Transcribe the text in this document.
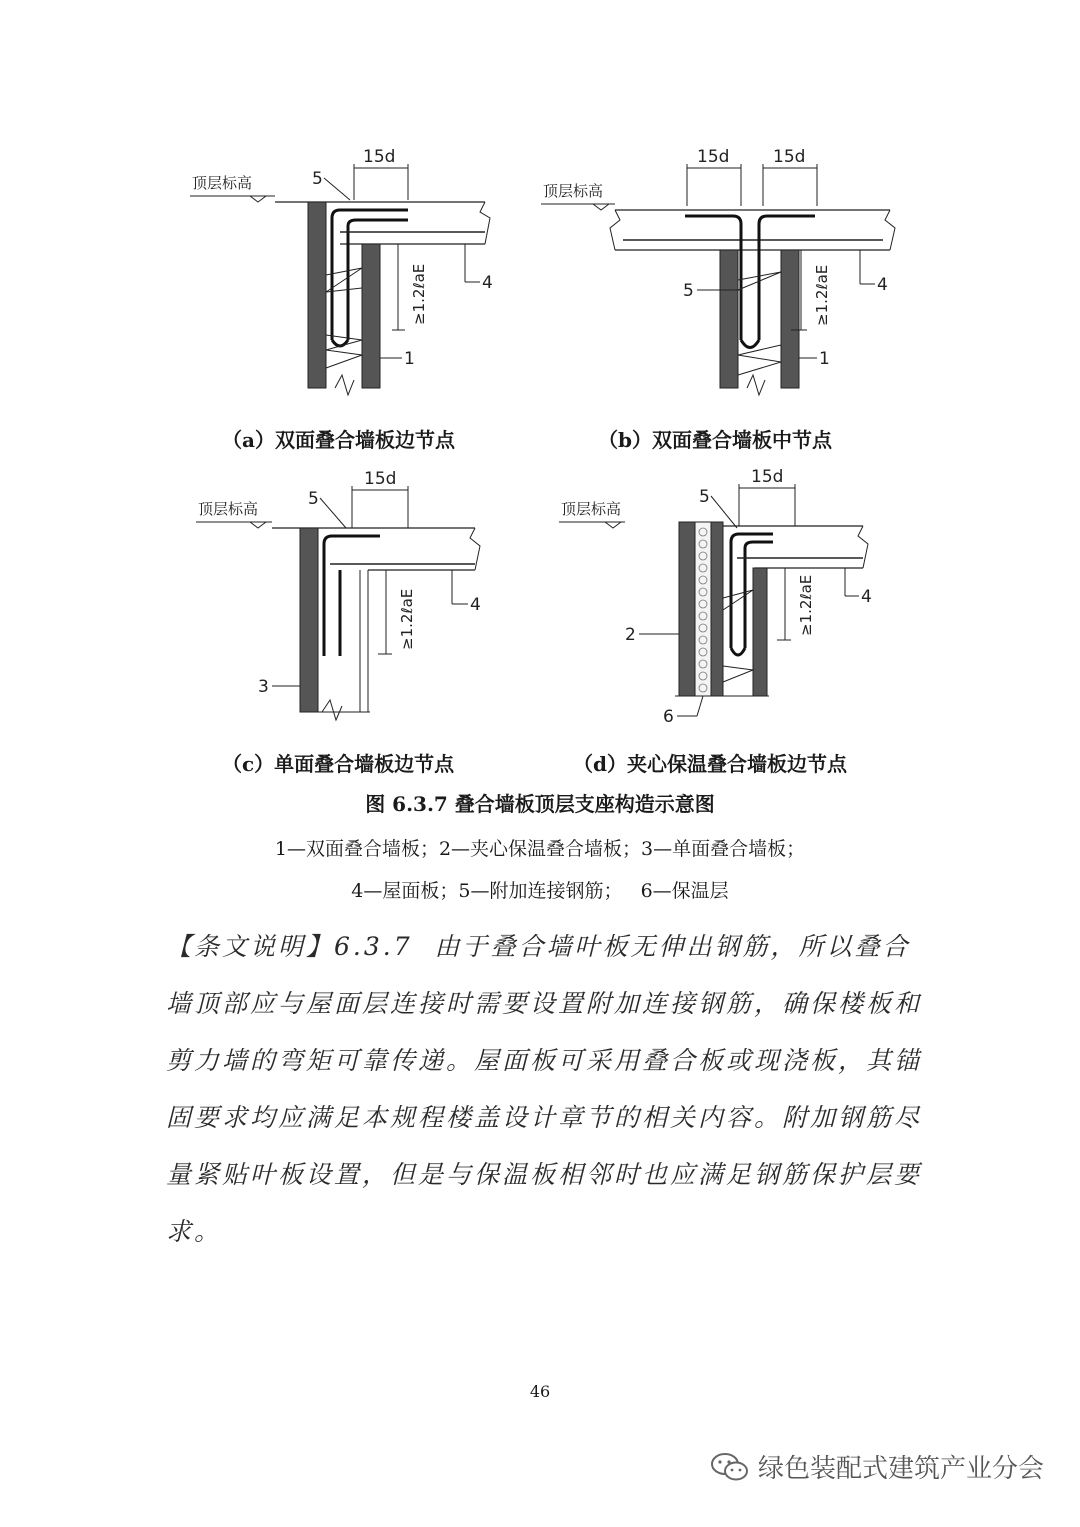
顶层标高
15d
5
≥1.2ℓaE	4
1
顶层标高
15d	15d
5	≥1.2ℓaE	4
1
（a）双面叠合墙板边节点	（b）双面叠合墙板中节点
顶层标高
15d
5
≥1.2ℓaE	4
3
顶层标高
15d
5
≥1.2ℓaE	4
2
6
（c）单面叠合墙板边节点	（d）夹心保温叠合墙板边节点
图 6.3.7 叠合墙板顶层支座构造示意图
1—双面叠合墙板；2—夹心保温叠合墙板；3—单面叠合墙板；
4—屋面板；5—附加连接钢筋；   6—保温层
【条文说明】6.3.7 由于叠合墙叶板无伸出钢筋，所以叠合墙顶部应与屋面层连接时需要设置附加连接钢筋，确保楼板和剪力墙的弯矩可靠传递。屋面板可采用叠合板或现浇板，其锚固要求均应满足本规程楼盖设计章节的相关内容。附加钢筋尽量紧贴叶板设置，但是与保温板相邻时也应满足钢筋保护层要求。
46
绿色装配式建筑产业分会
